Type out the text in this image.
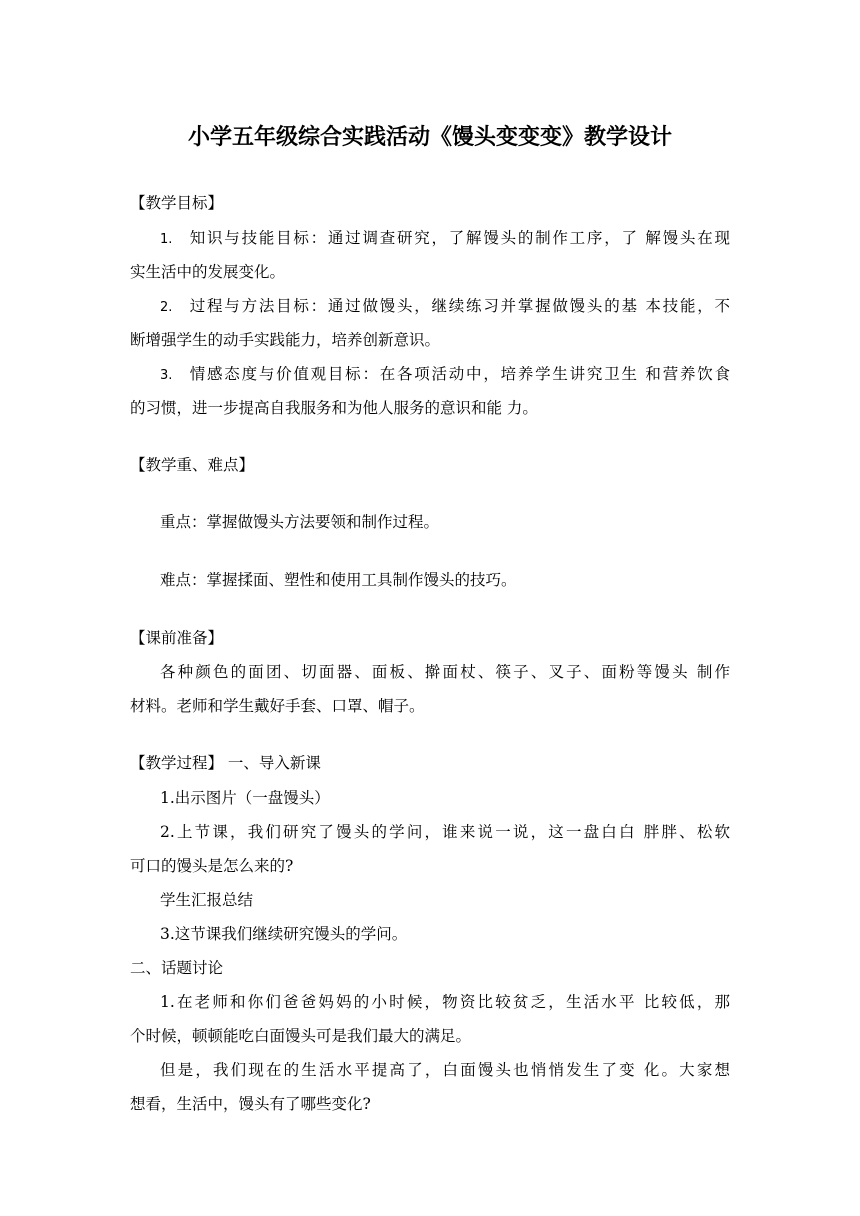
小学五年级综合实践活动《馒头变变变》教学设计
【教学目标】
1. 知识与技能目标：通过调查研究，了解馒头的制作工序，了 解馒头在现
实生活中的发展变化。
2. 过程与方法目标：通过做馒头，继续练习并掌握做馒头的基 本技能，不
断增强学生的动手实践能力，培养创新意识。
3. 情感态度与价值观目标：在各项活动中，培养学生讲究卫生 和营养饮食
的习惯，进一步提高自我服务和为他人服务的意识和能 力。
【教学重、难点】
重点：掌握做馒头方法要领和制作过程。
难点：掌握揉面、塑性和使用工具制作馒头的技巧。
【课前准备】
各种颜色的面团、切面器、面板、擀面杖、筷子、叉子、面粉等馒头 制作
材料。老师和学生戴好手套、口罩、帽子。
【教学过程】 一、导入新课
1.出示图片（一盘馒头）
2.上节课，我们研究了馒头的学问，谁来说一说，这一盘白白 胖胖、松软
可口的馒头是怎么来的?
学生汇报总结
3.这节课我们继续研究馒头的学问。
二、话题讨论
1.在老师和你们爸爸妈妈的小时候，物资比较贫乏，生活水平 比较低，那
个时候，顿顿能吃白面馒头可是我们最大的满足。
但是，我们现在的生活水平提高了，白面馒头也悄悄发生了变 化。大家想
想看，生活中，馒头有了哪些变化?
